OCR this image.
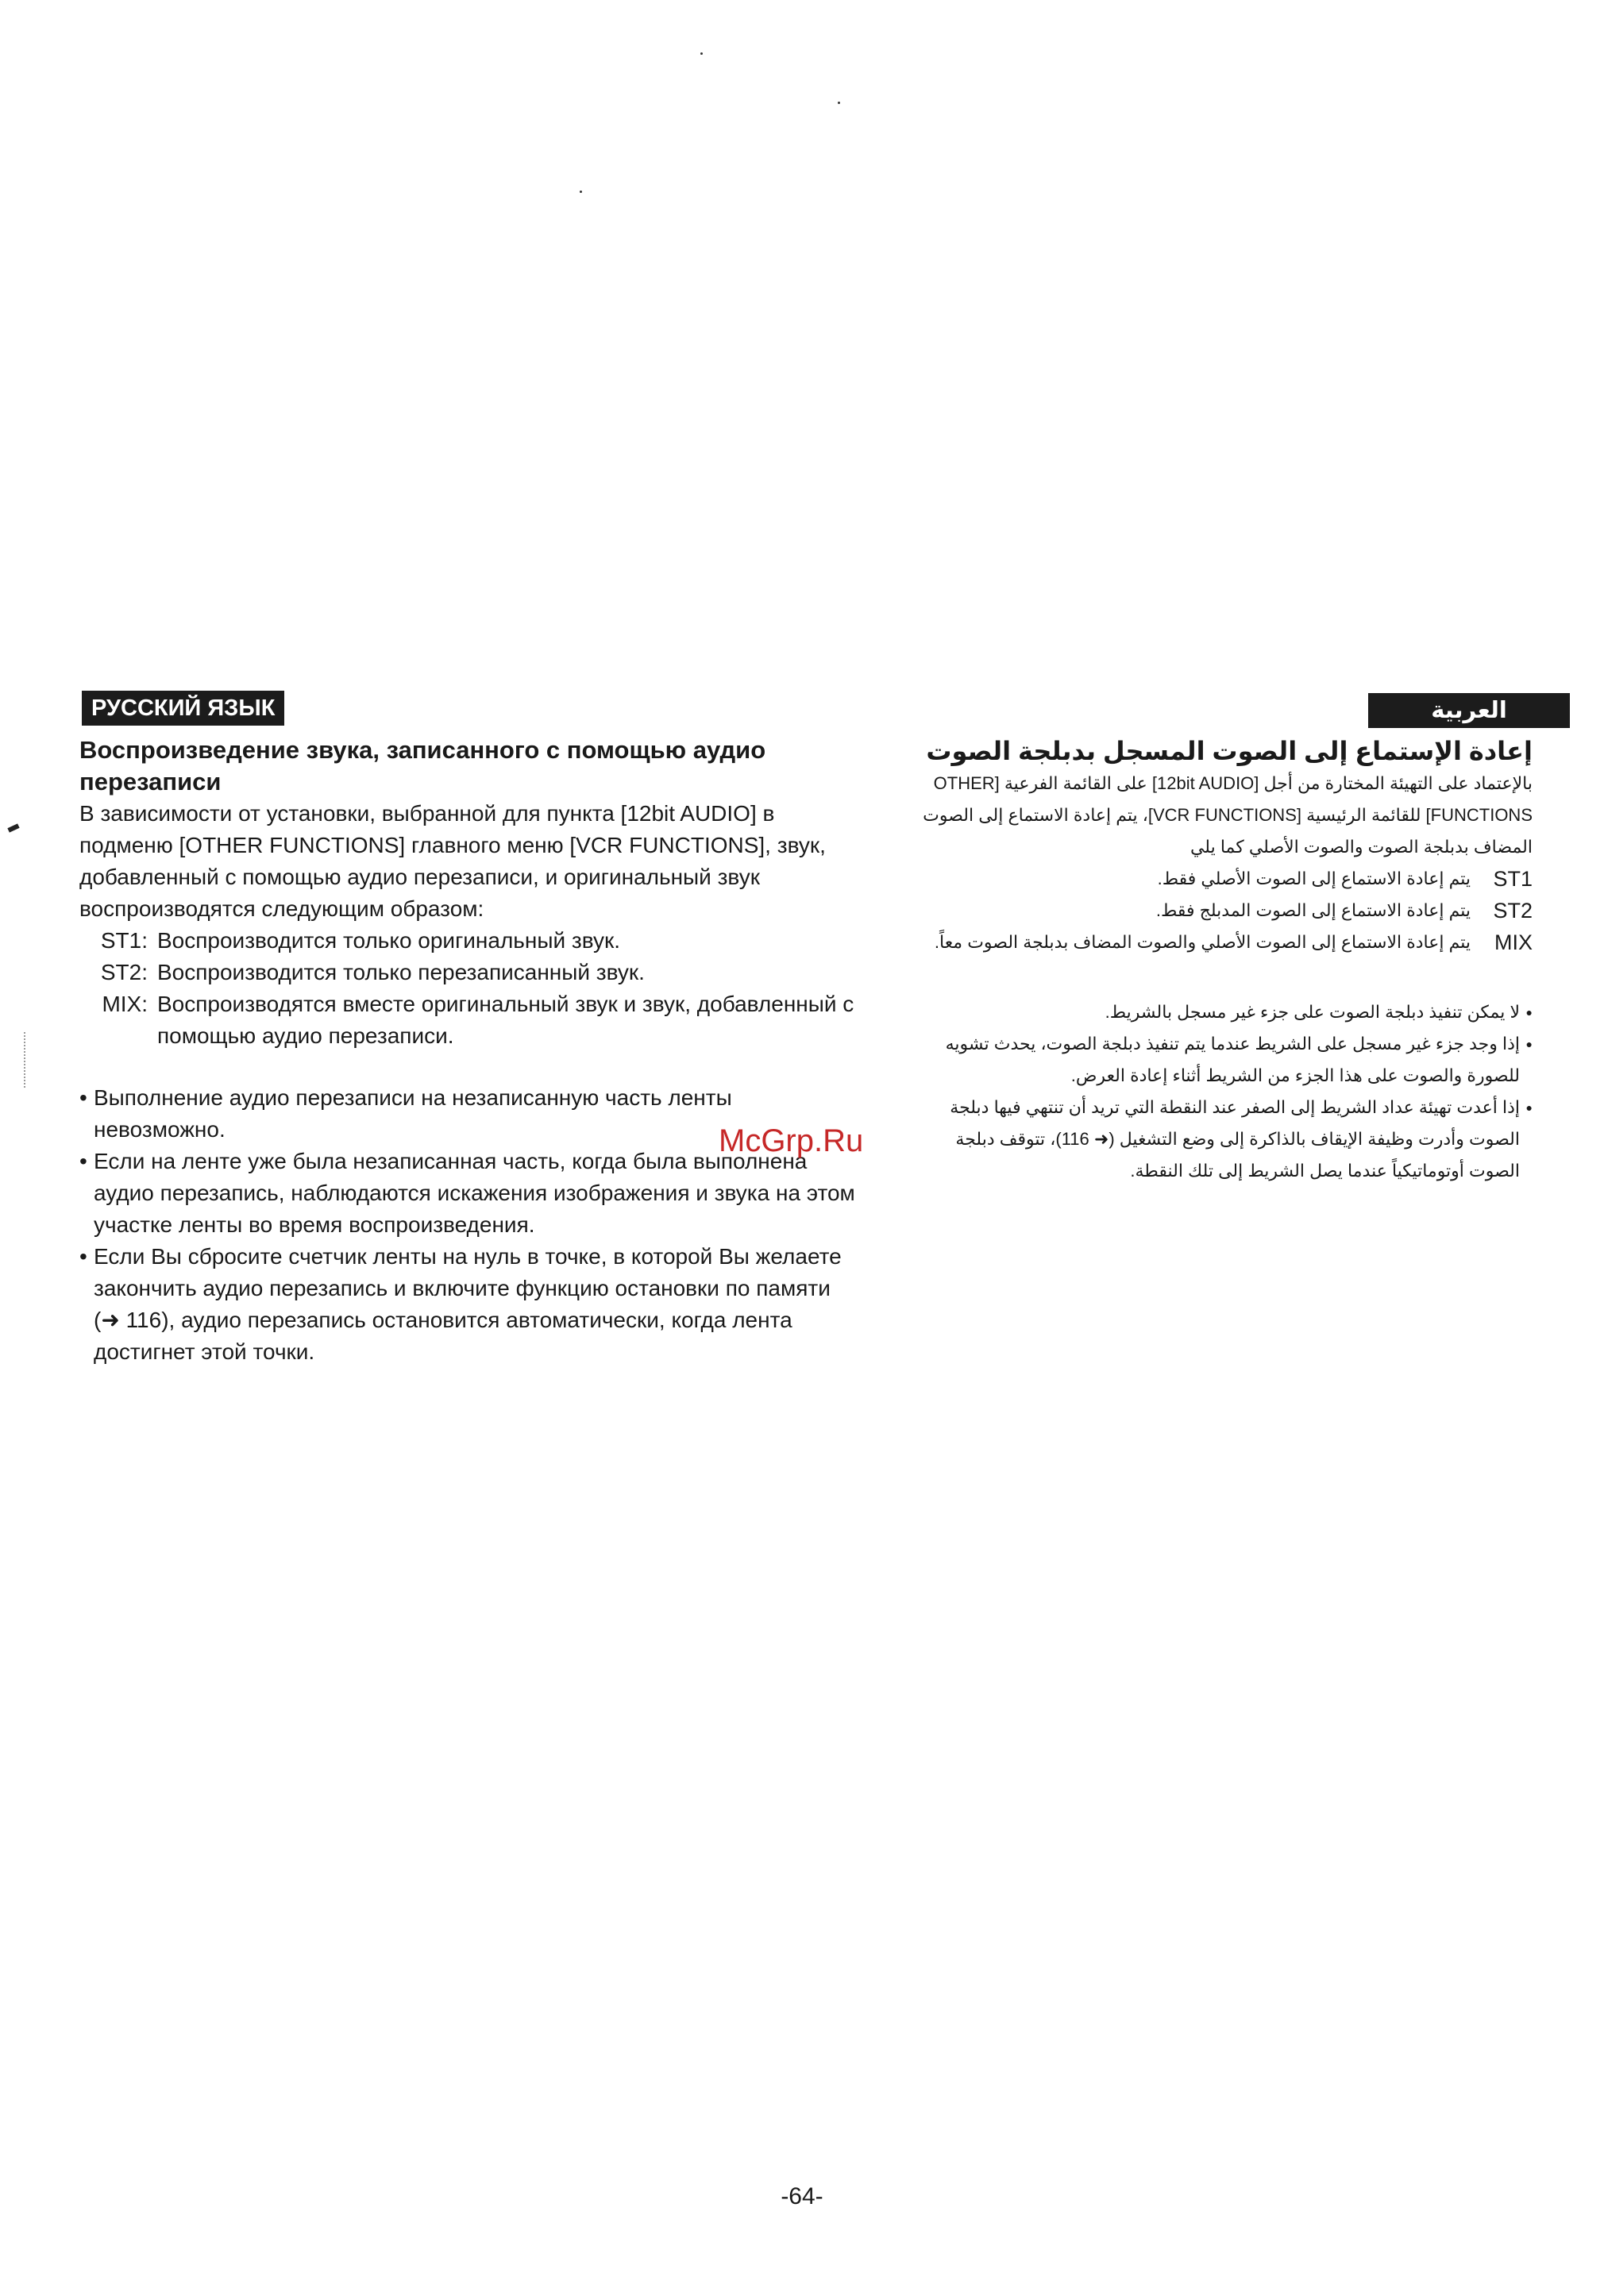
РУССКИЙ ЯЗЫК	العربية
Воспроизведение звука, записанного с помощью аудио перезаписи

В зависимости от установки, выбранной для пункта [12bit AUDIO] в подменю [OTHER FUNCTIONS] главного меню [VCR FUNCTIONS], звук, добавленный с помощью аудио перезаписи, и оригинальный звук воспроизводятся следующим образом:

ST1: Воспроизводится только оригинальный звук.
ST2: Воспроизводится только перезаписанный звук.
MIX: Воспроизводятся вместе оригинальный звук и звук, добавленный с помощью аудио перезаписи.
• Выполнение аудио перезаписи на незаписанную часть ленты невозможно.
• Если на ленте уже была незаписанная часть, когда была выполнена аудио перезапись, наблюдаются искажения изображения и звука на этом участке ленты во время воспроизведения.
• Если Вы сбросите счетчик ленты на нуль в точке, в которой Вы желаете закончить аудио перезапись и включите функцию остановки по памяти (➜ 116), аудио перезапись остановится автоматически, когда лента достигнет этой точки.
إعادة الإستماع إلى الصوت المسجل بدبلجة الصوت

بالإعتماد على التهيئة المختارة من أجل [12bit AUDIO] على القائمة الفرعية [OTHER FUNCTIONS] للقائمة الرئيسية [VCR FUNCTIONS]، يتم إعادة الاستماع إلى الصوت المضاف بدبلجة الصوت والصوت الأصلي كما يلي

ST1
يتم إعادة الاستماع إلى الصوت الأصلي فقط.
ST2
يتم إعادة الاستماع إلى الصوت المدبلج فقط.
MIX
يتم إعادة الاستماع إلى الصوت الأصلي والصوت المضاف بدبلجة الصوت معاً.
● لا يمكن تنفيذ دبلجة الصوت على جزء غير مسجل بالشريط.
● إذا وجد جزء غير مسجل على الشريط عندما يتم تنفيذ دبلجة الصوت، يحدث تشويه للصورة والصوت على هذا الجزء من الشريط أثناء إعادة العرض.
● إذا أعدت تهيئة عداد الشريط إلى الصفر عند النقطة التي تريد أن تنتهي فيها دبلجة الصوت وأدرت وظيفة الإيقاف بالذاكرة إلى وضع التشغيل (➜ 116)، تتوقف دبلجة الصوت أوتوماتيكياً عندما يصل الشريط إلى تلك النقطة.
McGrp.Ru
-64-
